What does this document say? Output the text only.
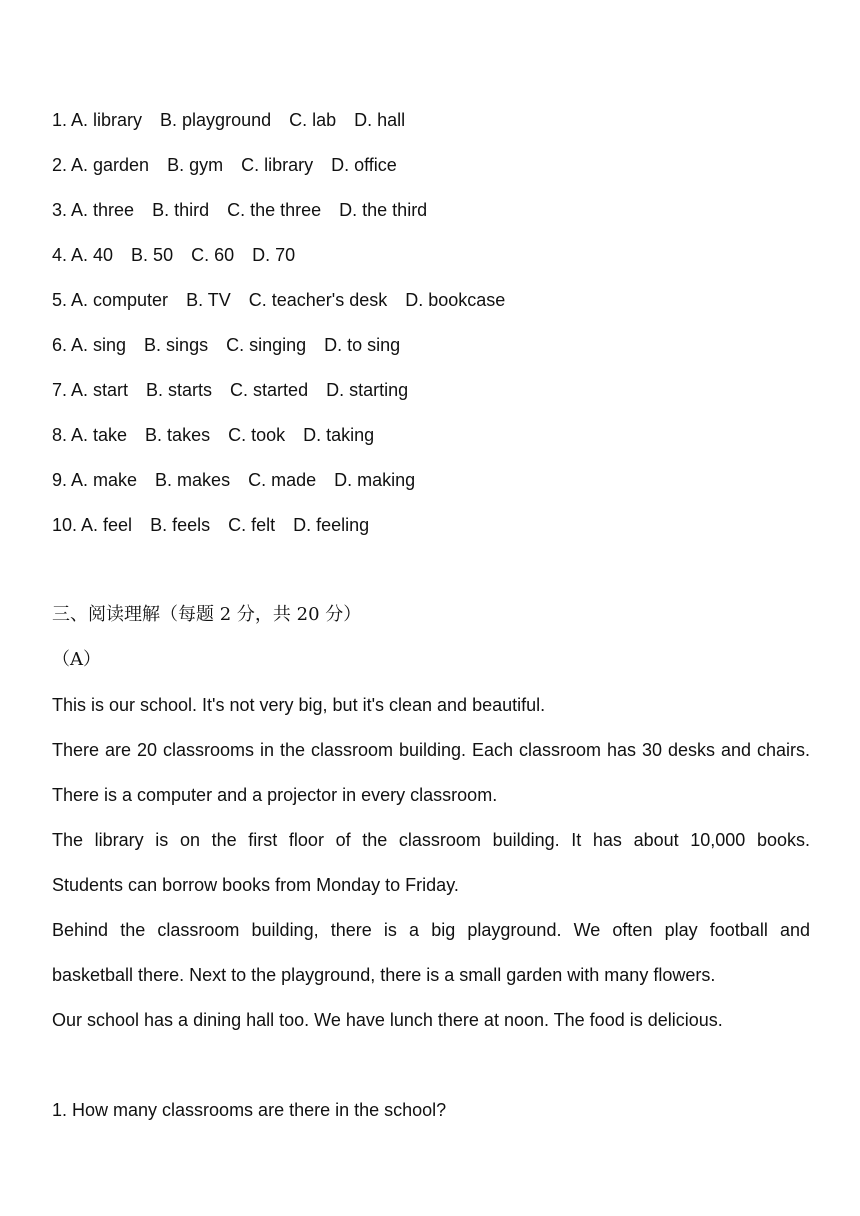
1. A. library B. playground C. lab D. hall
2. A. garden B. gym C. library D. office
3. A. three B. third C. the three D. the third
4. A. 40 B. 50 C. 60 D. 70
5. A. computer B. TV C. teacher's desk D. bookcase
6. A. sing B. sings C. singing D. to sing
7. A. start B. starts C. started D. starting
8. A. take B. takes C. took D. taking
9. A. make B. makes C. made D. making
10. A. feel B. feels C. felt D. feeling
三、阅读理解（每题 2 分，共 20 分）
（A）
This is our school. It's not very big, but it's clean and beautiful.
There are 20 classrooms in the classroom building. Each classroom has 30 desks and chairs.
There is a computer and a projector in every classroom.
The library is on the first floor of the classroom building. It has about 10,000 books.
Students can borrow books from Monday to Friday.
Behind the classroom building, there is a big playground. We often play football and
basketball there. Next to the playground, there is a small garden with many flowers.
Our school has a dining hall too. We have lunch there at noon. The food is delicious.
1. How many classrooms are there in the school?
